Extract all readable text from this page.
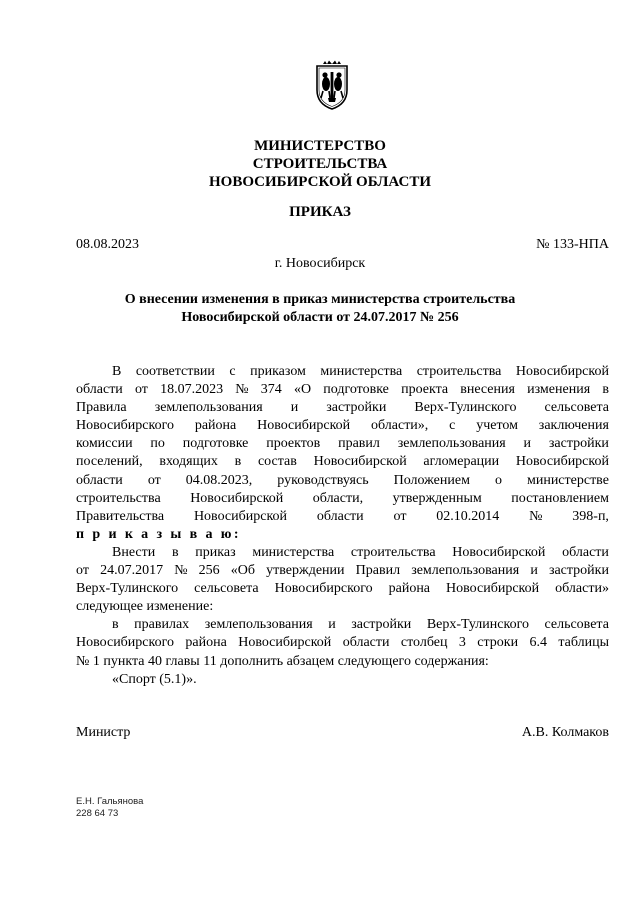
МИНИСТЕРСТВО
СТРОИТЕЛЬСТВА
НОВОСИБИРСКОЙ ОБЛАСТИ
ПРИКАЗ
08.08.2023	№ 133-НПА
г. Новосибирск
О внесении изменения в приказ министерства строительства
Новосибирской области от 24.07.2017 № 256
В соответствии с приказом министерства строительства Новосибирской
области от 18.07.2023 № 374 «О подготовке проекта внесения изменения в
Правила землепользования и застройки Верх-Тулинского сельсовета
Новосибирского района Новосибирской области», с учетом заключения
комиссии по подготовке проектов правил землепользования и застройки
поселений, входящих в состав Новосибирской агломерации Новосибирской
области от 04.08.2023, руководствуясь Положением о министерстве
строительства Новосибирской области, утвержденным постановлением
Правительства Новосибирской области от 02.10.2014 № 398-п,
п р и к а з ы в а ю:
Внести в приказ министерства строительства Новосибирской области
от 24.07.2017 № 256 «Об утверждении Правил землепользования и застройки
Верх-Тулинского сельсовета Новосибирского района Новосибирской области»
следующее изменение:
в правилах землепользования и застройки Верх-Тулинского сельсовета
Новосибирского района Новосибирской области столбец 3 строки 6.4 таблицы
№ 1 пункта 40 главы 11 дополнить абзацем следующего содержания:
«Спорт (5.1)».
Министр	А.В. Колмаков
Е.Н. Гальянова
228 64 73
